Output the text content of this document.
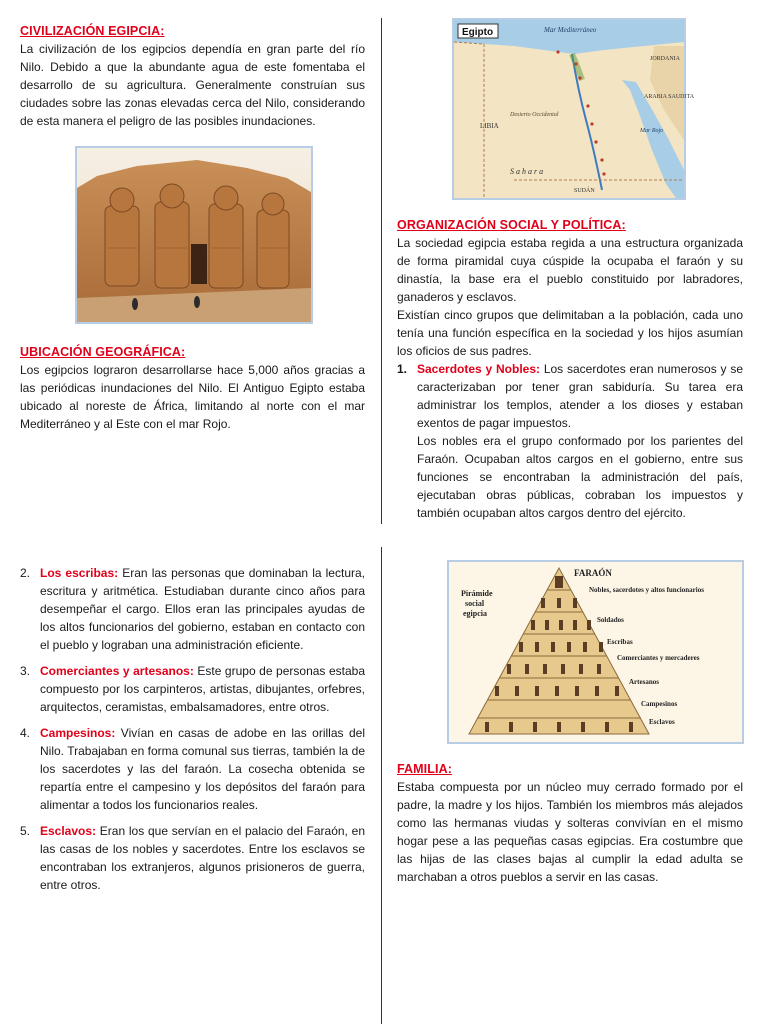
CIVILIZACIÓN EGIPCIA:

La civilización de los egipcios dependía en gran parte del río Nilo. Debido a que la abundante agua de este fomentaba el desarrollo de su agricultura. Generalmente construían sus ciudades sobre las zonas elevadas cerca del Nilo, considerando de esta manera el peligro de las posibles inundaciones.

UBICACIÓN GEOGRÁFICA:

Los egipcios lograron desarrollarse hace 5,000 años gracias a las periódicas inundaciones del Nilo. El Antiguo Egipto estaba ubicado al noreste de África, limitando al norte con el mar Mediterráneo y al Este con el mar Rojo.

Egipto	Mar Mediterráneo
LIBIA
ARABIA SAUDITA
JORDANIA
S a h a r a
SUDÁN
Mar Rojo
Desierto Occidental
ORGANIZACIÓN SOCIAL Y POLÍTICA:

La sociedad egipcia estaba regida a una estructura organizada de forma piramidal cuya cúspide la ocupaba el faraón y su dinastía, la base era el pueblo constituido por labradores, ganaderos y esclavos.

Existían cinco grupos que delimitaban a la población, cada uno tenía una función específica en la sociedad y los hijos asumían los oficios de sus padres.

1. Sacerdotes y Nobles: Los sacerdotes eran numerosos y se caracterizaban por tener gran sabiduría. Su tarea era administrar los templos, atender a los dioses y estaban exentos de pagar impuestos.

Los nobles era el grupo conformado por los parientes del Faraón. Ocupaban altos cargos en el gobierno, entre sus funciones se encontraban la administración del país, ejecutaban obras públicas, cobraban los impuestos y también ocupaban altos cargos dentro del ejército.

2. Los escribas: Eran las personas que dominaban la lectura, escritura y aritmética. Estudiaban durante cinco años para desempeñar el cargo. Ellos eran las principales ayudas de los altos funcionarios del gobierno, estaban en contacto con el pueblo y lograban una administración eficiente.
3. Comerciantes y artesanos: Este grupo de personas estaba compuesto por los carpinteros, artistas, dibujantes, orfebres, arquitectos, ceramistas, embalsamadores, entre otros.
4. Campesinos: Vivían en casas de adobe en las orillas del Nilo. Trabajaban en forma comunal sus tierras, también la de los sacerdotes y las del faraón. La cosecha obtenida se repartía entre el campesino y los depósitos del faraón para alimentar a todos los funcionarios reales.
5. Esclavos: Eran los que servían en el palacio del Faraón, en las casas de los nobles y sacerdotes. Entre los esclavos se encontraban los extranjeros, algunos prisioneros de guerra, entre otros.
Pirámide social egipcia
FARAÓN
Nobles, sacerdotes y altos funcionarios
Soldados
Escribas
Comerciantes y mercaderes
Artesanos
Campesinos
Esclavos
FAMILIA:

Estaba compuesta por un núcleo muy cerrado formado por el padre, la madre y los hijos. También los miembros más alejados como las hermanas viudas y solteras convivían en el mismo hogar pese a las pequeñas casas egipcias. Era costumbre que las hijas de las clases bajas al cumplir la edad adulta se marchaban a otros pueblos a servir en las casas.
